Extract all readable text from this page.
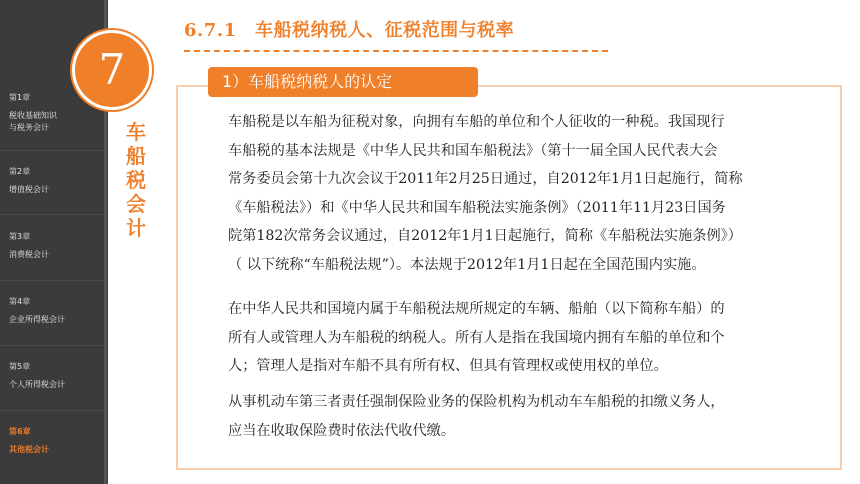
第1章
税收基础知识
与税务会计
第2章
增值税会计
第3章
消费税会计
第4章
企业所得税会计
第5章
个人所得税会计
第6章
其他税会计
7
车
船
税
会
计
6.7.1　车船税纳税人、征税范围与税率
1）车船税纳税人的认定
车船税是以车船为征税对象，向拥有车船的单位和个人征收的一种税。我国现行
车船税的基本法规是《中华人民共和国车船税法》（第十一届全国人民代表大会
常务委员会第十九次会议于2011年2月25日通过，自2012年1月1日起施行，简称
《车船税法》）和《中华人民共和国车船税法实施条例》（2011年11月23日国务
院第182次常务会议通过，自2012年1月1日起施行，简称《车船税法实施条例》）
（ 以下统称“车船税法规”）。本法规于2012年1月1日起在全国范围内实施。
在中华人民共和国境内属于车船税法规所规定的车辆、船舶（以下简称车船）的
所有人或管理人为车船税的纳税人。所有人是指在我国境内拥有车船的单位和个
人；管理人是指对车船不具有所有权、但具有管理权或使用权的单位。
从事机动车第三者责任强制保险业务的保险机构为机动车车船税的扣缴义务人，
应当在收取保险费时依法代收代缴。
